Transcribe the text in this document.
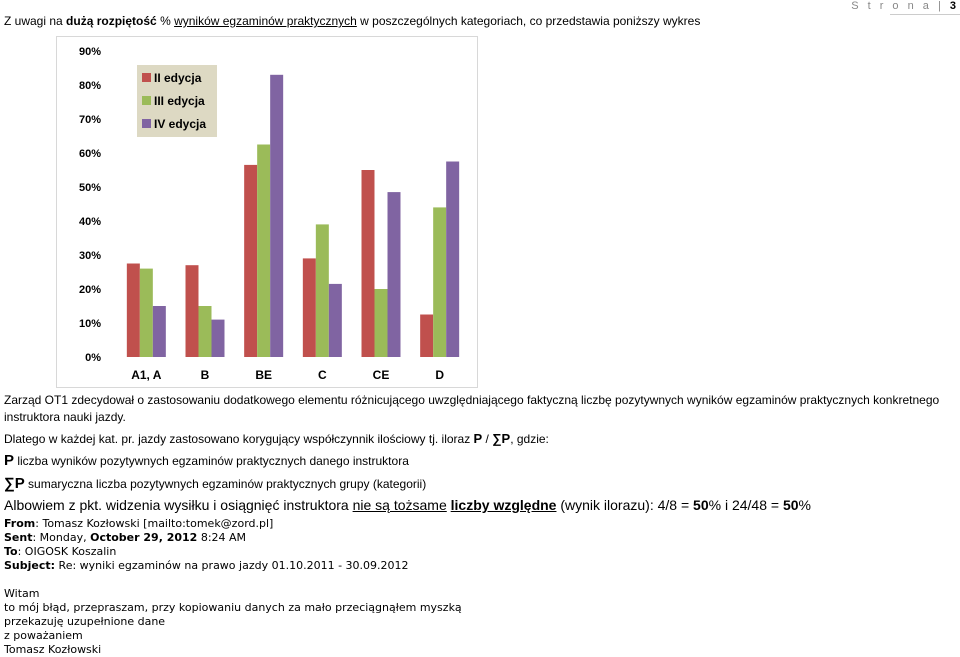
Z uwagi na dużą rozpiętość % wyników egzaminów praktycznych w poszczególnych kategoriach, co przedstawia poniższy wykres
S t r o n a | 3
0%
10%
20%
30%
40%
50%
60%
70%
80%
90%
A1, A	B	BE	C	CE	D
II edycja
III edycja
IV edycja
Zarząd OT1 zdecydował o zastosowaniu dodatkowego elementu różnicującego uwzględniającego faktyczną liczbę pozytywnych wyników egzaminów praktycznych konkretnego instruktora nauki jazdy.
Dlatego w każdej kat. pr. jazdy zastosowano korygujący współczynnik ilościowy tj. iloraz P / ∑P, gdzie:
P liczba wyników pozytywnych egzaminów praktycznych danego instruktora
∑P sumaryczna liczba pozytywnych egzaminów praktycznych grupy (kategorii)
Albowiem z pkt. widzenia wysiłku i osiągnięć instruktora nie są tożsame liczby względne (wynik ilorazu): 4/8 = 50% i 24/48 = 50%
From: Tomasz Kozłowski [mailto:tomek@zord.pl]
Sent: Monday, October 29, 2012 8:24 AM
To: OIGOSK Koszalin
Subject: Re: wyniki egzaminów na prawo jazdy 01.10.2011 - 30.09.2012
Witam
to mój błąd, przepraszam, przy kopiowaniu danych za mało przeciągnąłem myszką
przekazuję uzupełnione dane
z poważaniem
Tomasz Kozłowski
